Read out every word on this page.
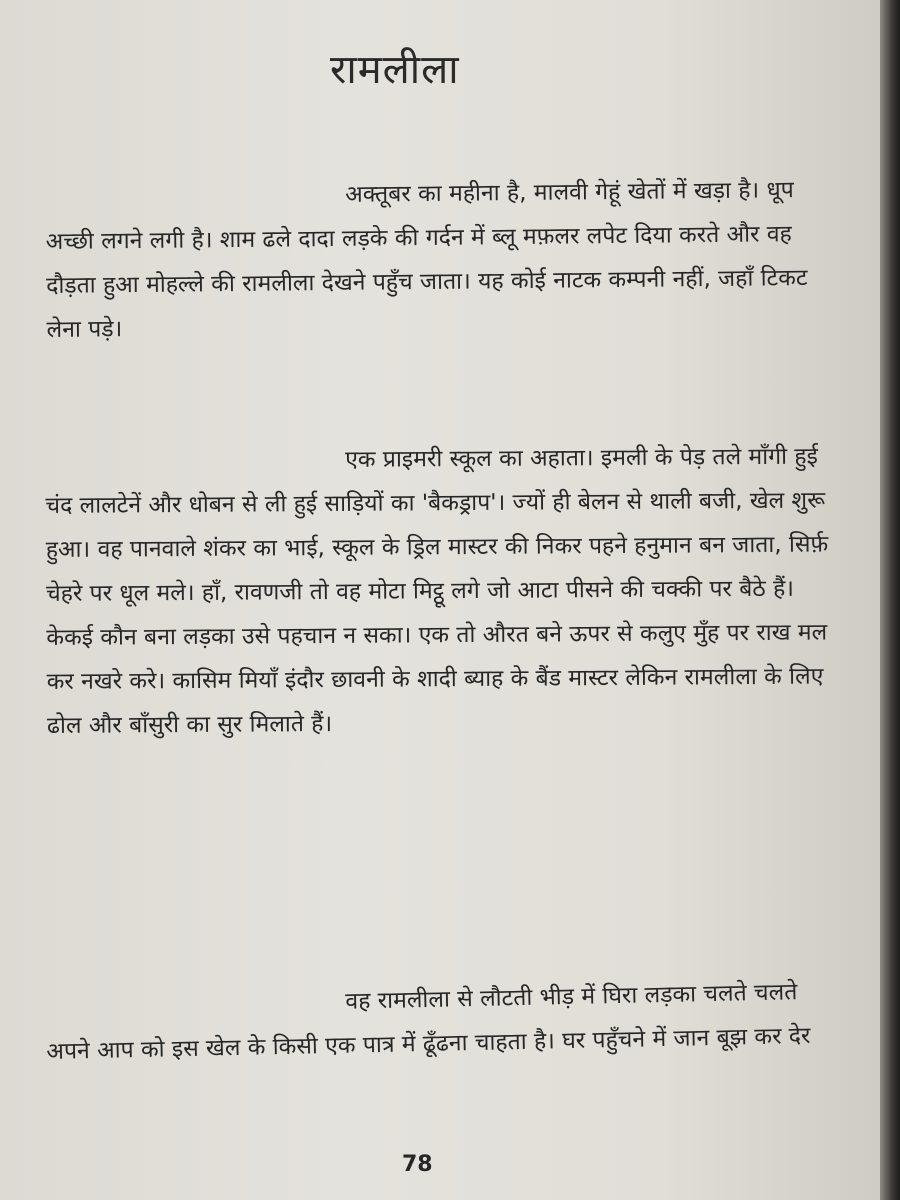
रामलीला

अक्तूबर का महीना है, मालवी गेहूं खेतों में खड़ा है। धूप अच्छी लगने लगी है। शाम ढले दादा लड़के की गर्दन में ब्लू मफ़लर लपेट दिया करते और वह दौड़ता हुआ मोहल्ले की रामलीला देखने पहुँच जाता। यह कोई नाटक कम्पनी नहीं, जहाँ टिकट लेना पड़े।

एक प्राइमरी स्कूल का अहाता। इमली के पेड़ तले माँगी हुई चंद लालटेनें और धोबन से ली हुई साड़ियों का 'बैकड्राप'। ज्यों ही बेलन से थाली बजी, खेल शुरू हुआ। वह पानवाले शंकर का भाई, स्कूल के ड्रिल मास्टर की निकर पहने हनुमान बन जाता, सिर्फ़ चेहरे पर धूल मले। हाँ, रावणजी तो वह मोटा मिट्ठू लगे जो आटा पीसने की चक्की पर बैठे हैं। केकई कौन बना लड़का उसे पहचान न सका। एक तो औरत बने ऊपर से कलुए मुँह पर राख मल कर नखरे करे। कासिम मियाँ इंदौर छावनी के शादी ब्याह के बैंड मास्टर लेकिन रामलीला के लिए ढोल और बाँसुरी का सुर मिलाते हैं।

वह रामलीला से लौटती भीड़ में घिरा लड़का चलते चलते अपने आप को इस खेल के किसी एक पात्र में ढूँढना चाहता है। घर पहुँचने में जान बूझ कर देर

78
